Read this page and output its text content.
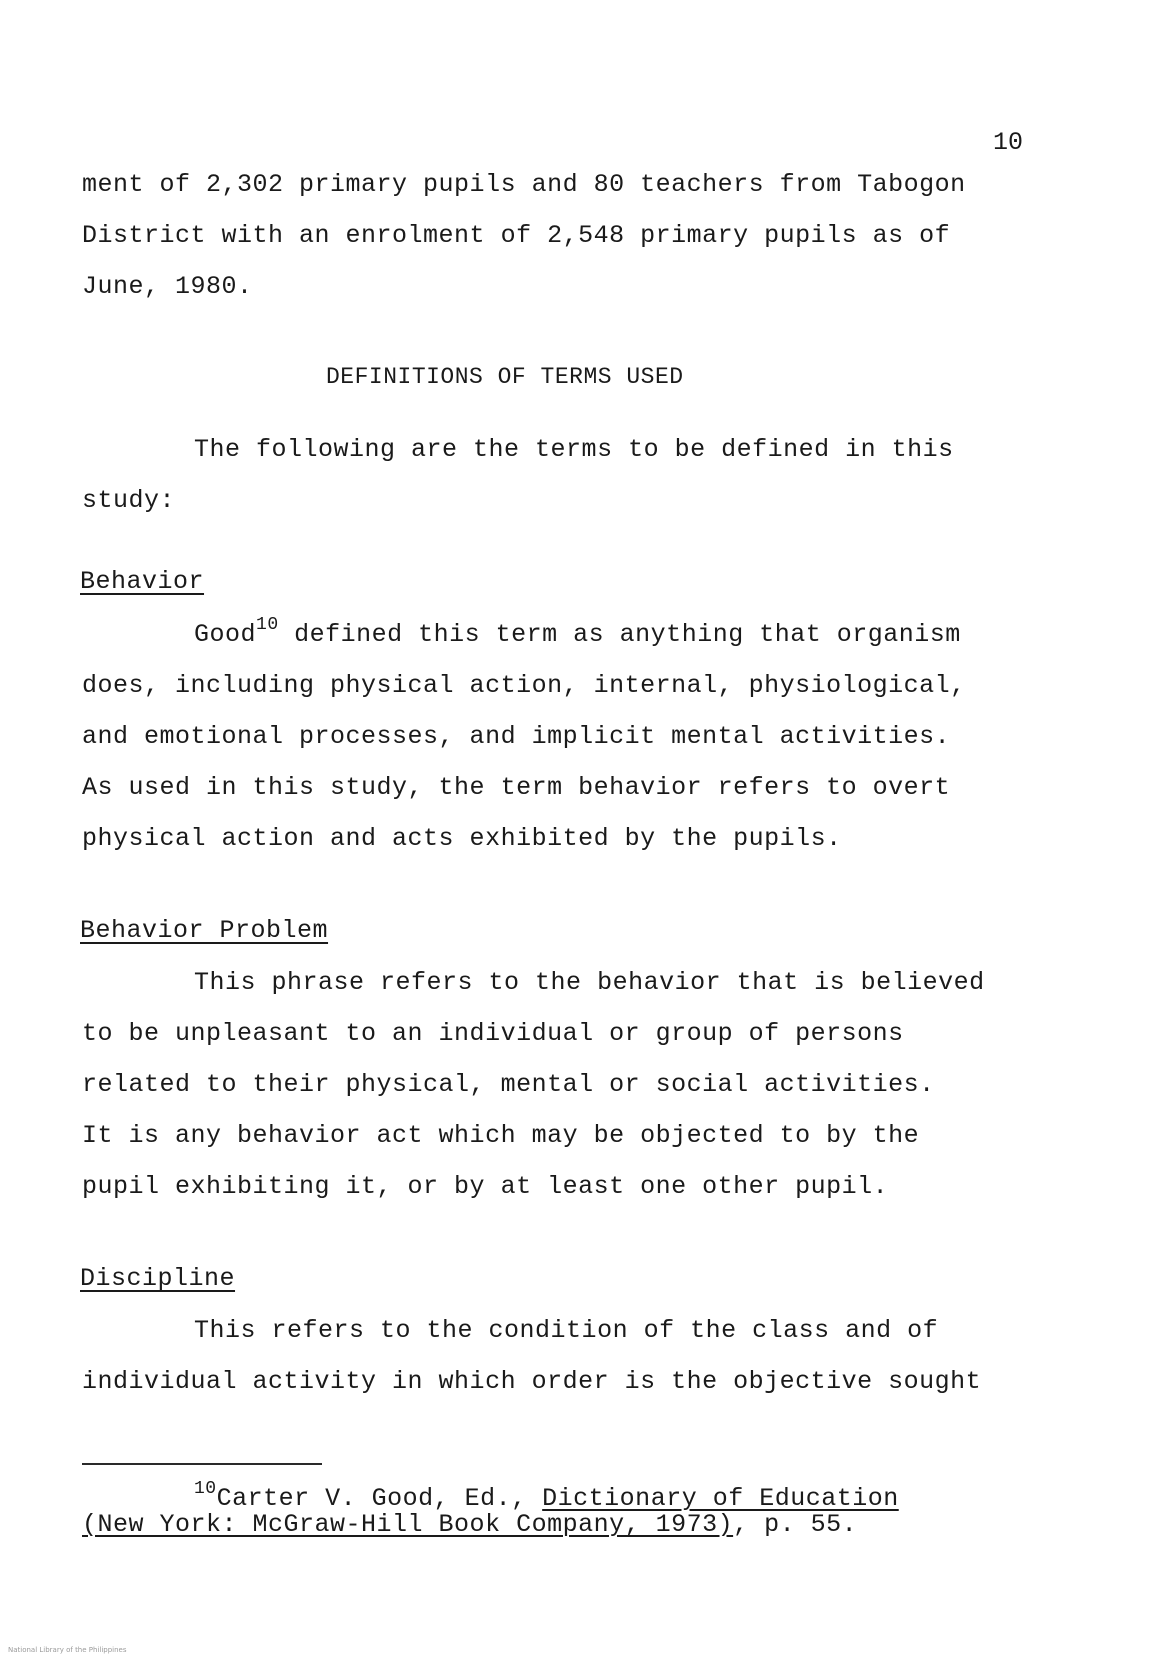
10
ment of 2,302 primary pupils and 80 teachers from Tabogon
District with an enrolment of 2,548 primary pupils as of
June, 1980.
DEFINITIONS OF TERMS USED
The following are the terms to be defined in this
study:
Behavior
Good$^{10}$ defined this term as anything that organism
does, including physical action, internal, physiological,
and emotional processes, and implicit mental activities.
As used in this study, the term behavior refers to overt
physical action and acts exhibited by the pupils.
Behavior Problem
This phrase refers to the behavior that is believed
to be unpleasant to an individual or group of persons
related to their physical, mental or social activities.
It is any behavior act which may be objected to by the
pupil exhibiting it, or by at least one other pupil.
Discipline
This refers to the condition of the class and of
individual activity in which order is the objective sought
$^{10}$Carter V. Good, Ed., Dictionary of Education
(New York: McGraw-Hill Book Company, 1973), p. 55.
National Library of the Philippines
